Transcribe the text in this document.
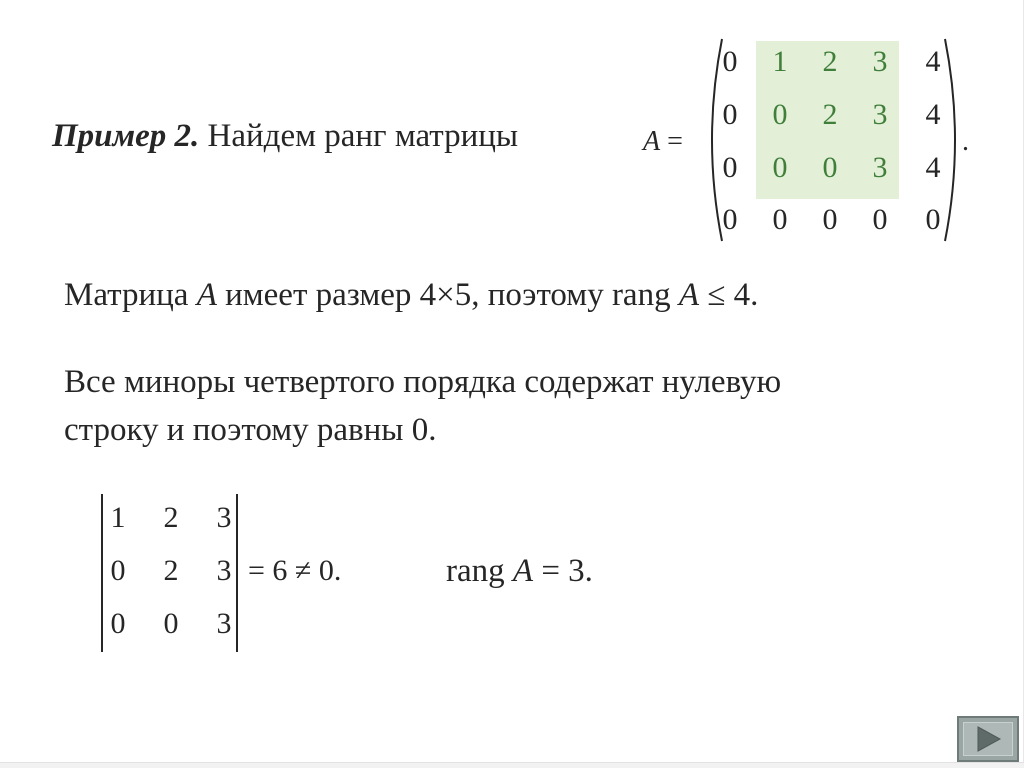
Пример 2. Найдем ранг матрицы	A =
0	1	2	3	4
0	0	2	3	4
0	0	0	3	4
0	0	0	0	0
.
Матрица A имеет размер 4×5, поэтому rang A ≤ 4.
Все миноры четвертого порядка содержат нулевую
строку и поэтому равны 0.
1 2 3
0 2 3
0 0 3
= 6 ≠ 0.	rang A = 3.
